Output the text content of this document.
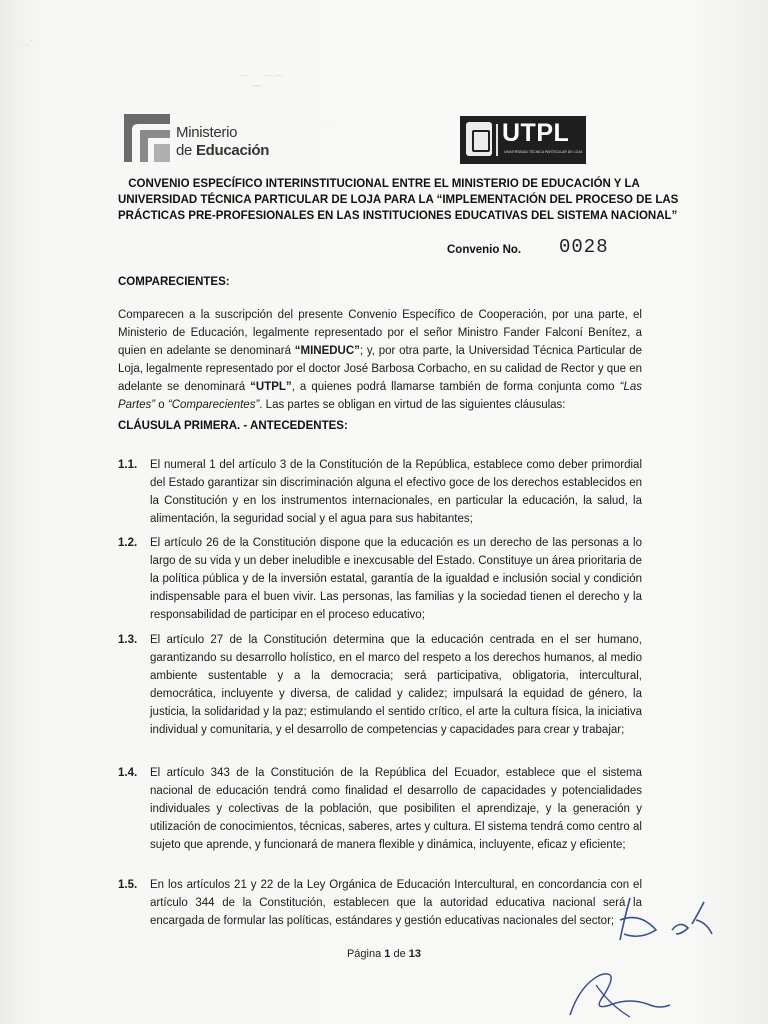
· ·´ ·
⌒ ‿ ⌒⌒
Ministerio
de Educación
UTPL
UNIVERSIDAD TÉCNICA PARTICULAR DE LOJA
CONVENIO ESPECÍFICO INTERINSTITUCIONAL ENTRE EL MINISTERIO DE EDUCACIÓN Y LA
UNIVERSIDAD TÉCNICA PARTICULAR DE LOJA PARA LA “IMPLEMENTACIÓN DEL PROCESO DE LAS
PRÁCTICAS PRE-PROFESIONALES EN LAS INSTITUCIONES EDUCATIVAS DEL SISTEMA NACIONAL”
Convenio No. 0028
COMPARECIENTES:
Comparecen a la suscripción del presente Convenio Específico de Cooperación, por una parte, el Ministerio de Educación, legalmente representado por el señor Ministro Fander Falconí Benítez, a quien en adelante se denominará “MINEDUC”; y, por otra parte, la Universidad Técnica Particular de Loja, legalmente representado por el doctor José Barbosa Corbacho, en su calidad de Rector y que en adelante se denominará “UTPL”, a quienes podrá llamarse también de forma conjunta como “Las Partes” o “Comparecientes”. Las partes se obligan en virtud de las siguientes cláusulas:
CLÁUSULA PRIMERA. - ANTECEDENTES:
1.1. El numeral 1 del artículo 3 de la Constitución de la República, establece como deber primordial del Estado garantizar sin discriminación alguna el efectivo goce de los derechos establecidos en la Constitución y en los instrumentos internacionales, en particular la educación, la salud, la alimentación, la seguridad social y el agua para sus habitantes;
1.2. El artículo 26 de la Constitución dispone que la educación es un derecho de las personas a lo largo de su vida y un deber ineludible e inexcusable del Estado. Constituye un área prioritaria de la política pública y de la inversión estatal, garantía de la igualdad e inclusión social y condición indispensable para el buen vivir. Las personas, las familias y la sociedad tienen el derecho y la responsabilidad de participar en el proceso educativo;
1.3. El artículo 27 de la Constitución determina que la educación centrada en el ser humano, garantizando su desarrollo holístico, en el marco del respeto a los derechos humanos, al medio ambiente sustentable y a la democracia; será participativa, obligatoria, intercultural, democrática, incluyente y diversa, de calidad y calidez; impulsará la equidad de género, la justicia, la solidaridad y la paz; estimulando el sentido crítico, el arte la cultura física, la iniciativa individual y comunitaria, y el desarrollo de competencias y capacidades para crear y trabajar;
1.4. El artículo 343 de la Constitución de la República del Ecuador, establece que el sistema nacional de educación tendrá como finalidad el desarrollo de capacidades y potencialidades individuales y colectivas de la población, que posibiliten el aprendizaje, y la generación y utilización de conocimientos, técnicas, saberes, artes y cultura. El sistema tendrá como centro al sujeto que aprende, y funcionará de manera flexible y dinámica, incluyente, eficaz y eficiente;
1.5. En los artículos 21 y 22 de la Ley Orgánica de Educación Intercultural, en concordancia con el artículo 344 de la Constitución, establecen que la autoridad educativa nacional será la encargada de formular las políticas, estándares y gestión educativas nacionales del sector;
Página 1 de 13
